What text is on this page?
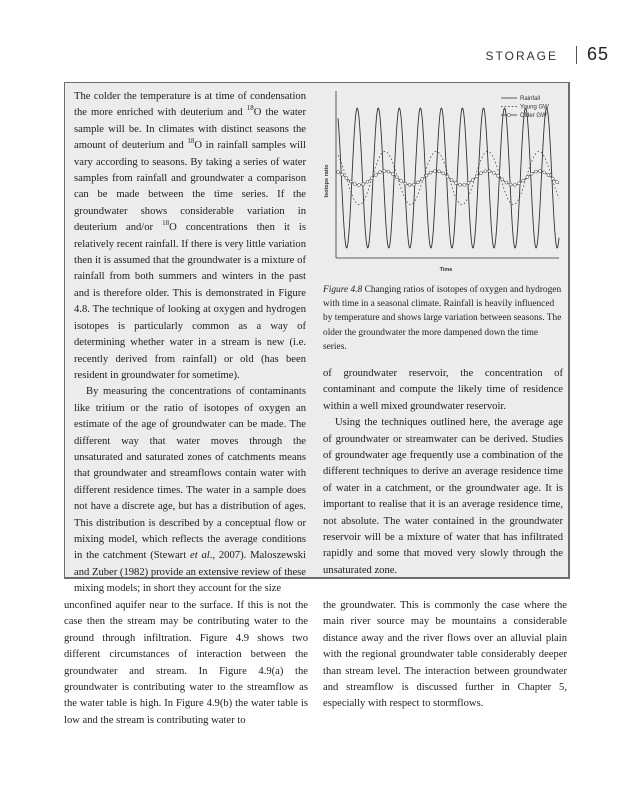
STORAGE 65

The colder the temperature is at time of condensation the more enriched with deuterium and $^{18}$O the water sample will be. In climates with distinct seasons the amount of deuterium and $^{18}$O in rainfall samples will vary according to seasons. By taking a series of water samples from rainfall and groundwater a comparison can be made between the time series. If the groundwater shows considerable variation in deuterium and/or $^{18}$O concentrations then it is relatively recent rainfall. If there is very little variation then it is assumed that the groundwater is a mixture of rainfall from both summers and winters in the past and is therefore older. This is demonstrated in Figure 4.8. The technique of looking at oxygen and hydrogen isotopes is particularly common as a way of determining whether water in a stream is new (i.e. recently derived from rainfall) or old (has been resident in groundwater for sometime).

By measuring the concentrations of contaminants like tritium or the ratio of isotopes of oxygen an estimate of the age of groundwater can be made. The different way that water moves through the unsaturated and saturated zones of catchments means that groundwater and streamflows contain water with different residence times. The water in a sample does not have a discrete age, but has a distribution of ages. This distribution is described by a conceptual flow or mixing model, which reflects the average conditions in the catchment (Stewart et al., 2007). Maloszewski and Zuber (1982) provide an extensive review of these mixing models; in short they account for the size

Rainfall
Young GW
Older GW
Isotope ratio
Time
Figure 4.8 Changing ratios of isotopes of oxygen and hydrogen with time in a seasonal climate. Rainfall is heavily influenced by temperature and shows large variation between seasons. The older the groundwater the more dampened down the time series.

of groundwater reservoir, the concentration of contaminant and compute the likely time of residence within a well mixed groundwater reservoir.

Using the techniques outlined here, the average age of groundwater or streamwater can be derived. Studies of groundwater age frequently use a combination of the different techniques to derive an average residence time of water in a catchment, or the groundwater age. It is important to realise that it is an average residence time, not absolute. The water contained in the groundwater reservoir will be a mixture of water that has infiltrated rapidly and some that moved very slowly through the unsaturated zone.

unconfined aquifer near to the surface. If this is not the case then the stream may be contributing water to the ground through infiltration. Figure 4.9 shows two different circumstances of interaction between the groundwater and stream. In Figure 4.9(a) the groundwater is contributing water to the streamflow as the water table is high. In Figure 4.9(b) the water table is low and the stream is contributing water to

the groundwater. This is commonly the case where the main river source may be mountains a considerable distance away and the river flows over an alluvial plain with the regional groundwater table considerably deeper than stream level. The interaction between groundwater and streamflow is discussed further in Chapter 5, especially with respect to stormflows.
